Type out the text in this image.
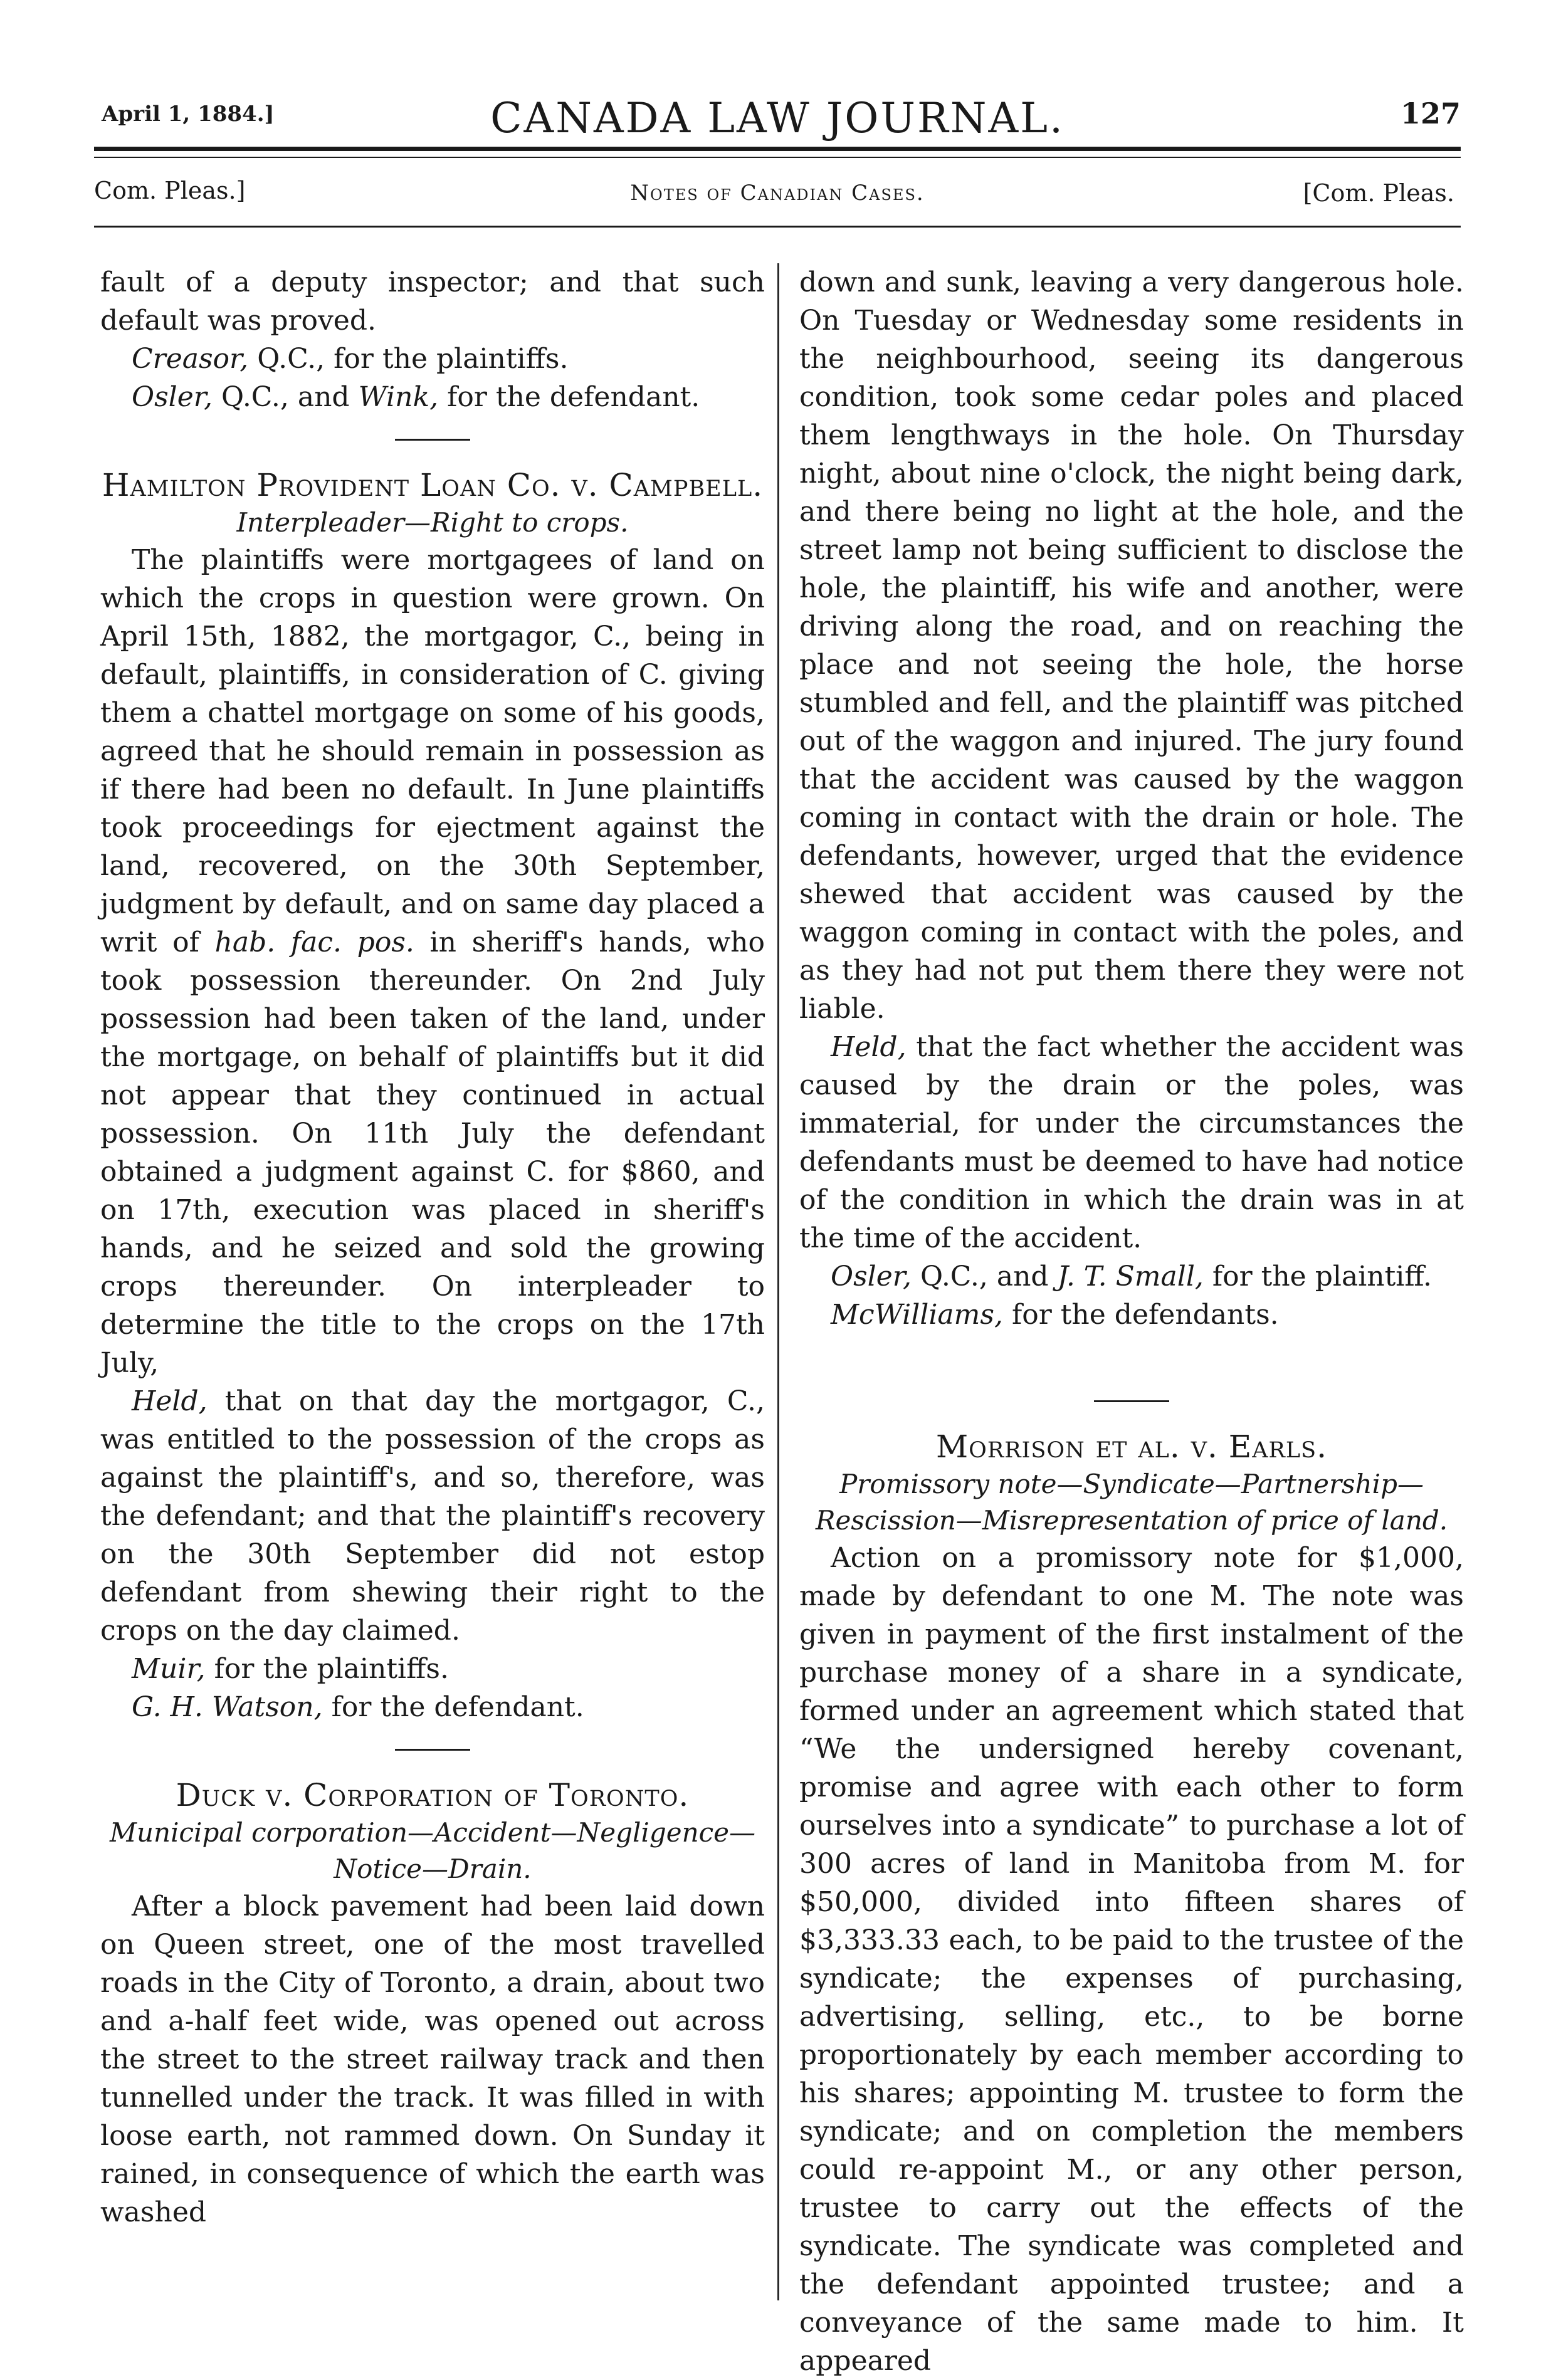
April 1, 1884.]	CANADA LAW JOURNAL.	127
Com. Pleas.]	Notes of Canadian Cases.	[Com. Pleas.

fault of a deputy inspector; and that such default was proved.

Creasor, Q.C., for the plaintiffs.

Osler, Q.C., and Wink, for the defendant.

Hamilton Provident Loan Co. v. Campbell.

Interpleader—Right to crops.

The plaintiffs were mortgagees of land on which the crops in question were grown. On April 15th, 1882, the mortgagor, C., being in default, plaintiffs, in consideration of C. giving them a chattel mortgage on some of his goods, agreed that he should remain in possession as if there had been no default. In June plaintiffs took proceedings for ejectment against the land, recovered, on the 30th September, judgment by default, and on same day placed a writ of hab. fac. pos. in sheriff's hands, who took possession thereunder. On 2nd July possession had been taken of the land, under the mortgage, on behalf of plaintiffs but it did not appear that they continued in actual possession. On 11th July the defendant obtained a judgment against C. for $860, and on 17th, execution was placed in sheriff's hands, and he seized and sold the growing crops thereunder. On interpleader to determine the title to the crops on the 17th July,

Held, that on that day the mortgagor, C., was entitled to the possession of the crops as against the plaintiff's, and so, therefore, was the defendant; and that the plaintiff's recovery on the 30th September did not estop defendant from shewing their right to the crops on the day claimed.

Muir, for the plaintiffs.

G. H. Watson, for the defendant.

Duck v. Corporation of Toronto.

Municipal corporation—Accident—Negligence—Notice—Drain.

After a block pavement had been laid down on Queen street, one of the most travelled roads in the City of Toronto, a drain, about two and a-half feet wide, was opened out across the street to the street railway track and then tunnelled under the track. It was filled in with loose earth, not rammed down. On Sunday it rained, in consequence of which the earth was washed

down and sunk, leaving a very dangerous hole. On Tuesday or Wednesday some residents in the neighbourhood, seeing its dangerous condition, took some cedar poles and placed them lengthways in the hole. On Thursday night, about nine o'clock, the night being dark, and there being no light at the hole, and the street lamp not being sufficient to disclose the hole, the plaintiff, his wife and another, were driving along the road, and on reaching the place and not seeing the hole, the horse stumbled and fell, and the plaintiff was pitched out of the waggon and injured. The jury found that the accident was caused by the waggon coming in contact with the drain or hole. The defendants, however, urged that the evidence shewed that accident was caused by the waggon coming in contact with the poles, and as they had not put them there they were not liable.

Held, that the fact whether the accident was caused by the drain or the poles, was immaterial, for under the circumstances the defendants must be deemed to have had notice of the condition in which the drain was in at the time of the accident.

Osler, Q.C., and J. T. Small, for the plaintiff.

McWilliams, for the defendants.

Morrison et al. v. Earls.

Promissory note—Syndicate—Partnership—Rescission—Misrepresentation of price of land.

Action on a promissory note for $1,000, made by defendant to one M. The note was given in payment of the first instalment of the purchase money of a share in a syndicate, formed under an agreement which stated that “We the undersigned hereby covenant, promise and agree with each other to form ourselves into a syndicate” to purchase a lot of 300 acres of land in Manitoba from M. for $50,000, divided into fifteen shares of $3,333.33 each, to be paid to the trustee of the syndicate; the expenses of purchasing, advertising, selling, etc., to be borne proportionately by each member according to his shares; appointing M. trustee to form the syndicate; and on completion the members could re-appoint M., or any other person, trustee to carry out the effects of the syndicate. The syndicate was completed and the defendant appointed trustee; and a conveyance of the same made to him. It appeared
